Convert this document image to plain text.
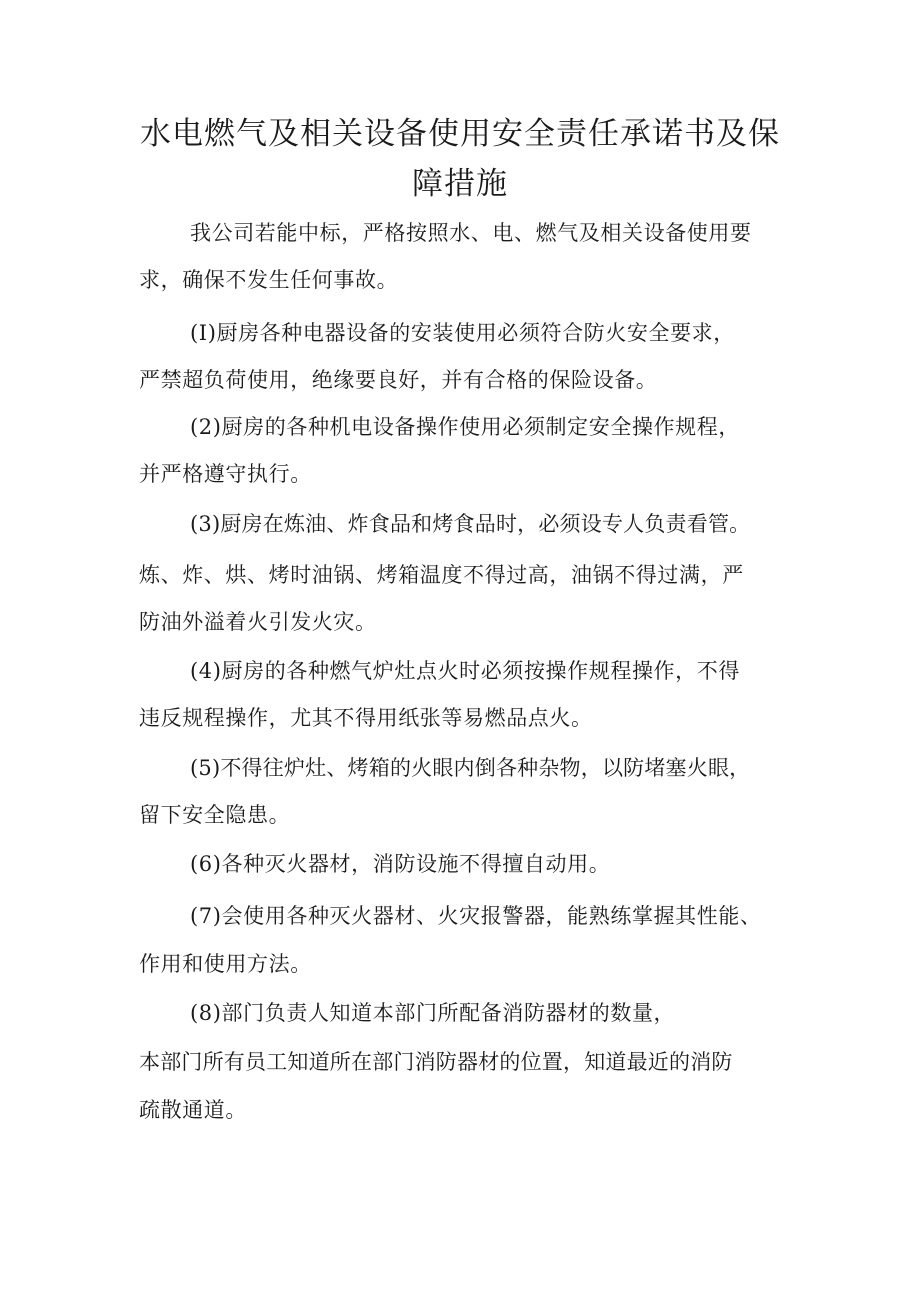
水电燃气及相关设备使用安全责任承诺书及保
障措施

我公司若能中标，严格按照水、电、燃气及相关设备使用要

求，确保不发生任何事故。

(I)厨房各种电器设备的安装使用必须符合防火安全要求，

严禁超负荷使用，绝缘要良好，并有合格的保险设备。

(2)厨房的各种机电设备操作使用必须制定安全操作规程，

并严格遵守执行。

(3)厨房在炼油、炸食品和烤食品时，必须设专人负责看管。

炼、炸、烘、烤时油锅、烤箱温度不得过高，油锅不得过满，严

防油外溢着火引发火灾。

(4)厨房的各种燃气炉灶点火时必须按操作规程操作，不得

违反规程操作，尤其不得用纸张等易燃品点火。

(5)不得往炉灶、烤箱的火眼内倒各种杂物，以防堵塞火眼，

留下安全隐患。

(6)各种灭火器材，消防设施不得擅自动用。

(7)会使用各种灭火器材、火灾报警器，能熟练掌握其性能、

作用和使用方法。

(8)部门负责人知道本部门所配备消防器材的数量，

本部门所有员工知道所在部门消防器材的位置，知道最近的消防

疏散通道。
